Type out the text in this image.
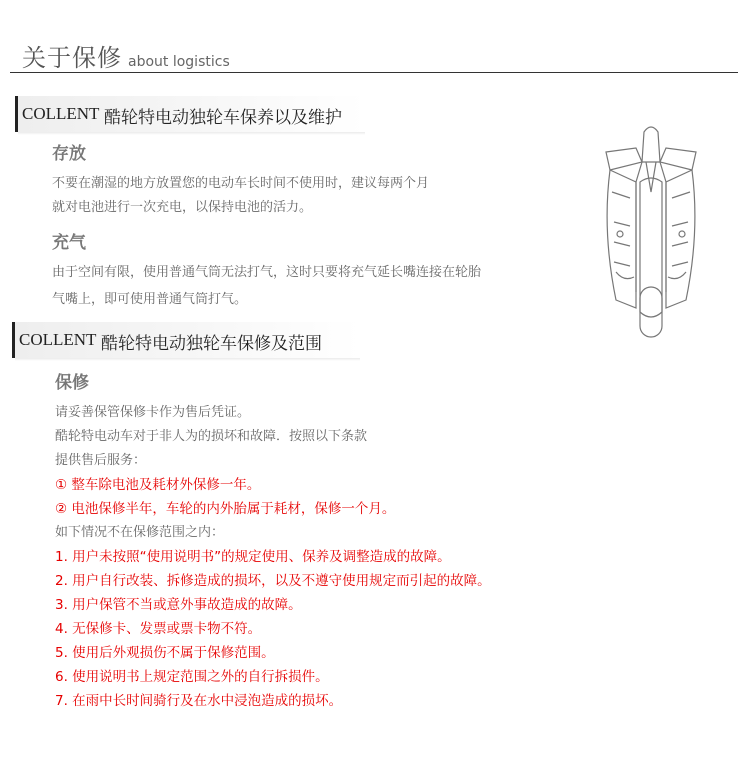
关于保修 about logistics
COLLENT 酷轮特电动独轮车保养以及维护
存放
不要在潮湿的地方放置您的电动车长时间不使用时，建议每两个月
就对电池进行一次充电，以保持电池的活力。
充气
由于空间有限，使用普通气筒无法打气，这时只要将充气延长嘴连接在轮胎
气嘴上，即可使用普通气筒打气。
COLLENT 酷轮特电动独轮车保修及范围
保修
请妥善保管保修卡作为售后凭证。
酷轮特电动车对于非人为的损坏和故障．按照以下条款
提供售后服务：
① 整车除电池及耗材外保修一年。
② 电池保修半年，车轮的内外胎属于耗材，保修一个月。
如下情况不在保修范围之内：
1. 用户未按照“使用说明书”的规定使用、保养及调整造成的故障。
2. 用户自行改装、拆修造成的损坏，以及不遵守使用规定而引起的故障。
3. 用户保管不当或意外事故造成的故障。
4. 无保修卡、发票或票卡物不符。
5. 使用后外观损伤不属于保修范围。
6. 使用说明书上规定范围之外的自行拆损件。
7. 在雨中长时间骑行及在水中浸泡造成的损坏。
